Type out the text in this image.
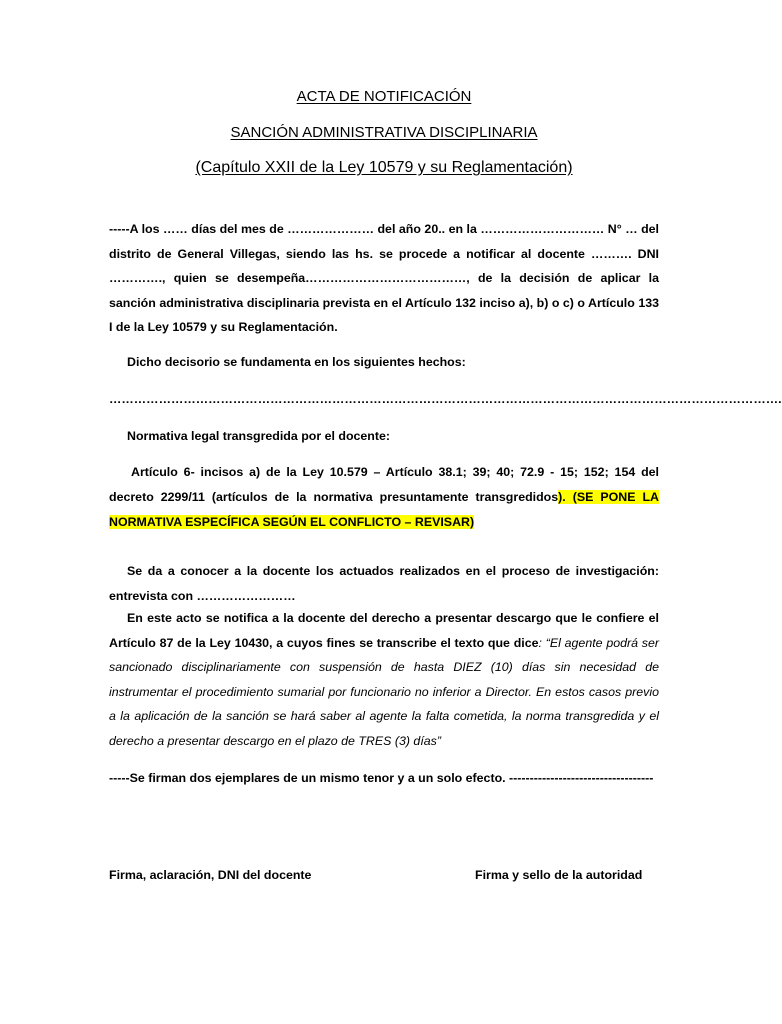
ACTA DE NOTIFICACIÓN
SANCIÓN ADMINISTRATIVA DISCIPLINARIA
(Capítulo XXII de la Ley 10579 y su Reglamentación)
-----A los …… días del mes de ………………… del año 20.. en la ………………………… N° … del distrito de General Villegas, siendo las hs. se procede a notificar al docente ………. DNI …………., quien se desempeña…………………………………, de la decisión de aplicar la sanción administrativa disciplinaria prevista en el Artículo 132 inciso a), b) o c) o Artículo 133 I de la Ley 10579 y su Reglamentación.
Dicho decisorio se fundamenta en los siguientes hechos:
……………………………………………………………………………………………………………………………………………….
Normativa legal transgredida por el docente:
Artículo 6- incisos a) de la Ley 10.579 – Artículo 38.1; 39; 40; 72.9 - 15; 152; 154 del decreto 2299/11 (artículos de la normativa presuntamente transgredidos). (SE PONE LA NORMATIVA ESPECÍFICA SEGÚN EL CONFLICTO – REVISAR)
Se da a conocer a la docente los actuados realizados en el proceso de investigación: entrevista con ……………………
En este acto se notifica a la docente del derecho a presentar descargo que le confiere el Artículo 87 de la Ley 10430, a cuyos fines se transcribe el texto que dice: “El agente podrá ser sancionado disciplinariamente con suspensión de hasta DIEZ (10) días sin necesidad de instrumentar el procedimiento sumarial por funcionario no inferior a Director. En estos casos previo a la aplicación de la sanción se hará saber al agente la falta cometida, la norma transgredida y el derecho a presentar descargo en el plazo de TRES (3) días”
-----Se firman dos ejemplares de un mismo tenor y a un solo efecto. -----------------------------------
Firma, aclaración, DNI del docente	Firma y sello de la autoridad
